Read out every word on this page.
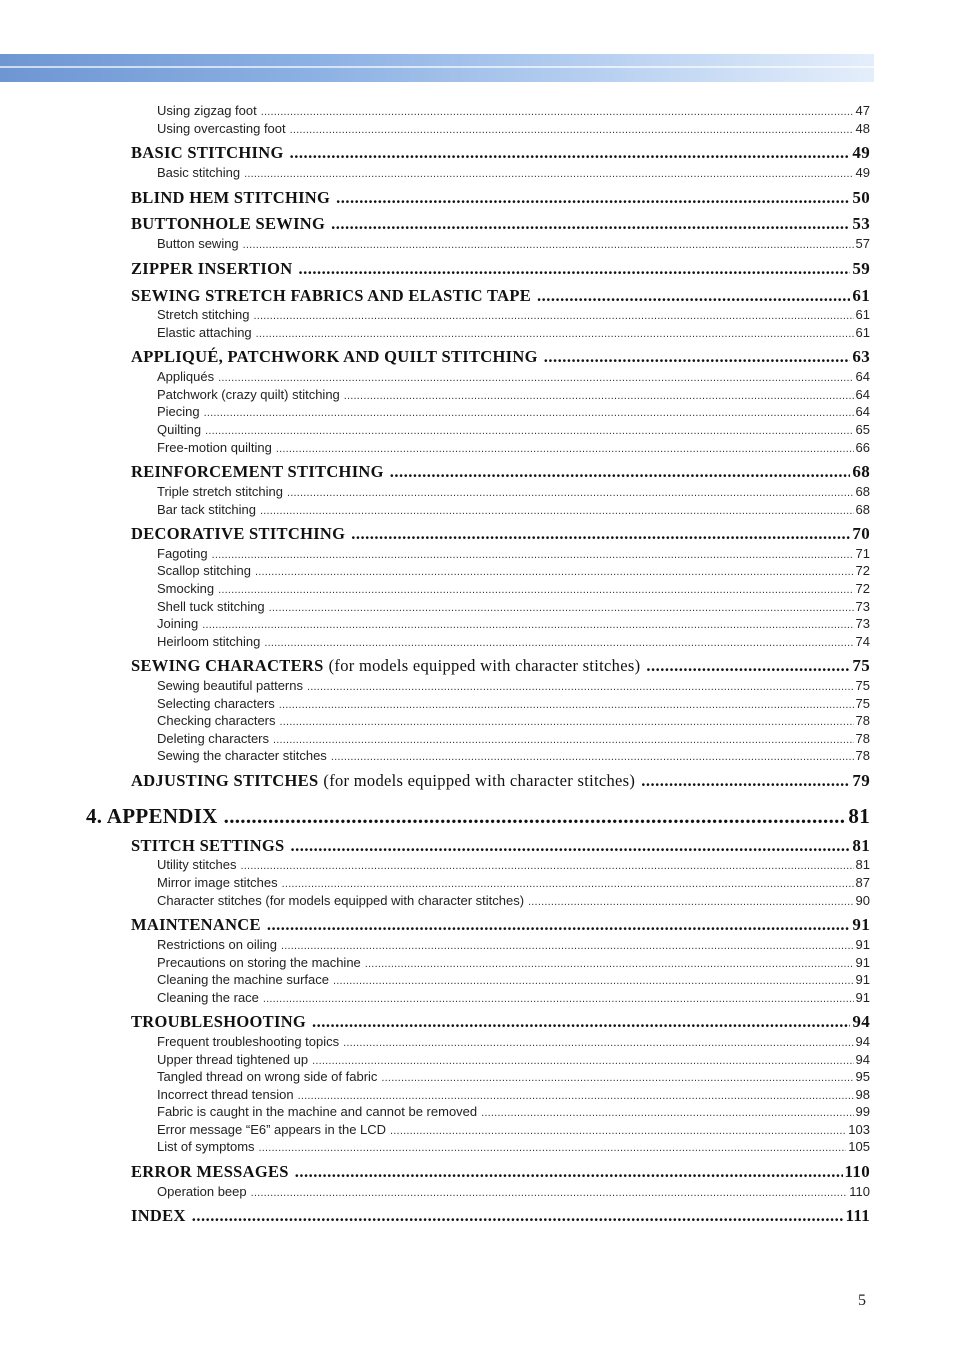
Using zigzag foot .....	47
Using overcasting foot .....	48
BASIC STITCHING .....	49
Basic stitching .....	49
BLIND HEM STITCHING .....	50
BUTTONHOLE SEWING .....	53
Button sewing .....	57
ZIPPER INSERTION .....	59
SEWING STRETCH FABRICS AND ELASTIC TAPE .....	61
Stretch stitching .....	61
Elastic attaching .....	61
APPLIQUÉ, PATCHWORK AND QUILT STITCHING .....	63
Appliqués .....	64
Patchwork (crazy quilt) stitching .....	64
Piecing .....	64
Quilting .....	65
Free-motion quilting .....	66
REINFORCEMENT STITCHING .....	68
Triple stretch stitching .....	68
Bar tack stitching .....	68
DECORATIVE STITCHING .....	70
Fagoting .....	71
Scallop stitching .....	72
Smocking .....	72
Shell tuck stitching .....	73
Joining .....	73
Heirloom stitching .....	74
SEWING CHARACTERS (for models equipped with character stitches) .....	75
Sewing beautiful patterns .....	75
Selecting characters .....	75
Checking characters .....	78
Deleting characters .....	78
Sewing the character stitches .....	78
ADJUSTING STITCHES (for models equipped with character stitches) .....	79
4. APPENDIX .....	81
STITCH SETTINGS .....	81
Utility stitches .....	81
Mirror image stitches .....	87
Character stitches (for models equipped with character stitches) .....	90
MAINTENANCE .....	91
Restrictions on oiling .....	91
Precautions on storing the machine .....	91
Cleaning the machine surface .....	91
Cleaning the race .....	91
TROUBLESHOOTING .....	94
Frequent troubleshooting topics .....	94
Upper thread tightened up .....	94
Tangled thread on wrong side of fabric .....	95
Incorrect thread tension .....	98
Fabric is caught in the machine and cannot be removed .....	99
Error message “E6” appears in the LCD .....	103
List of symptoms .....	105
ERROR MESSAGES .....	110
Operation beep .....	110
INDEX .....	111
5
